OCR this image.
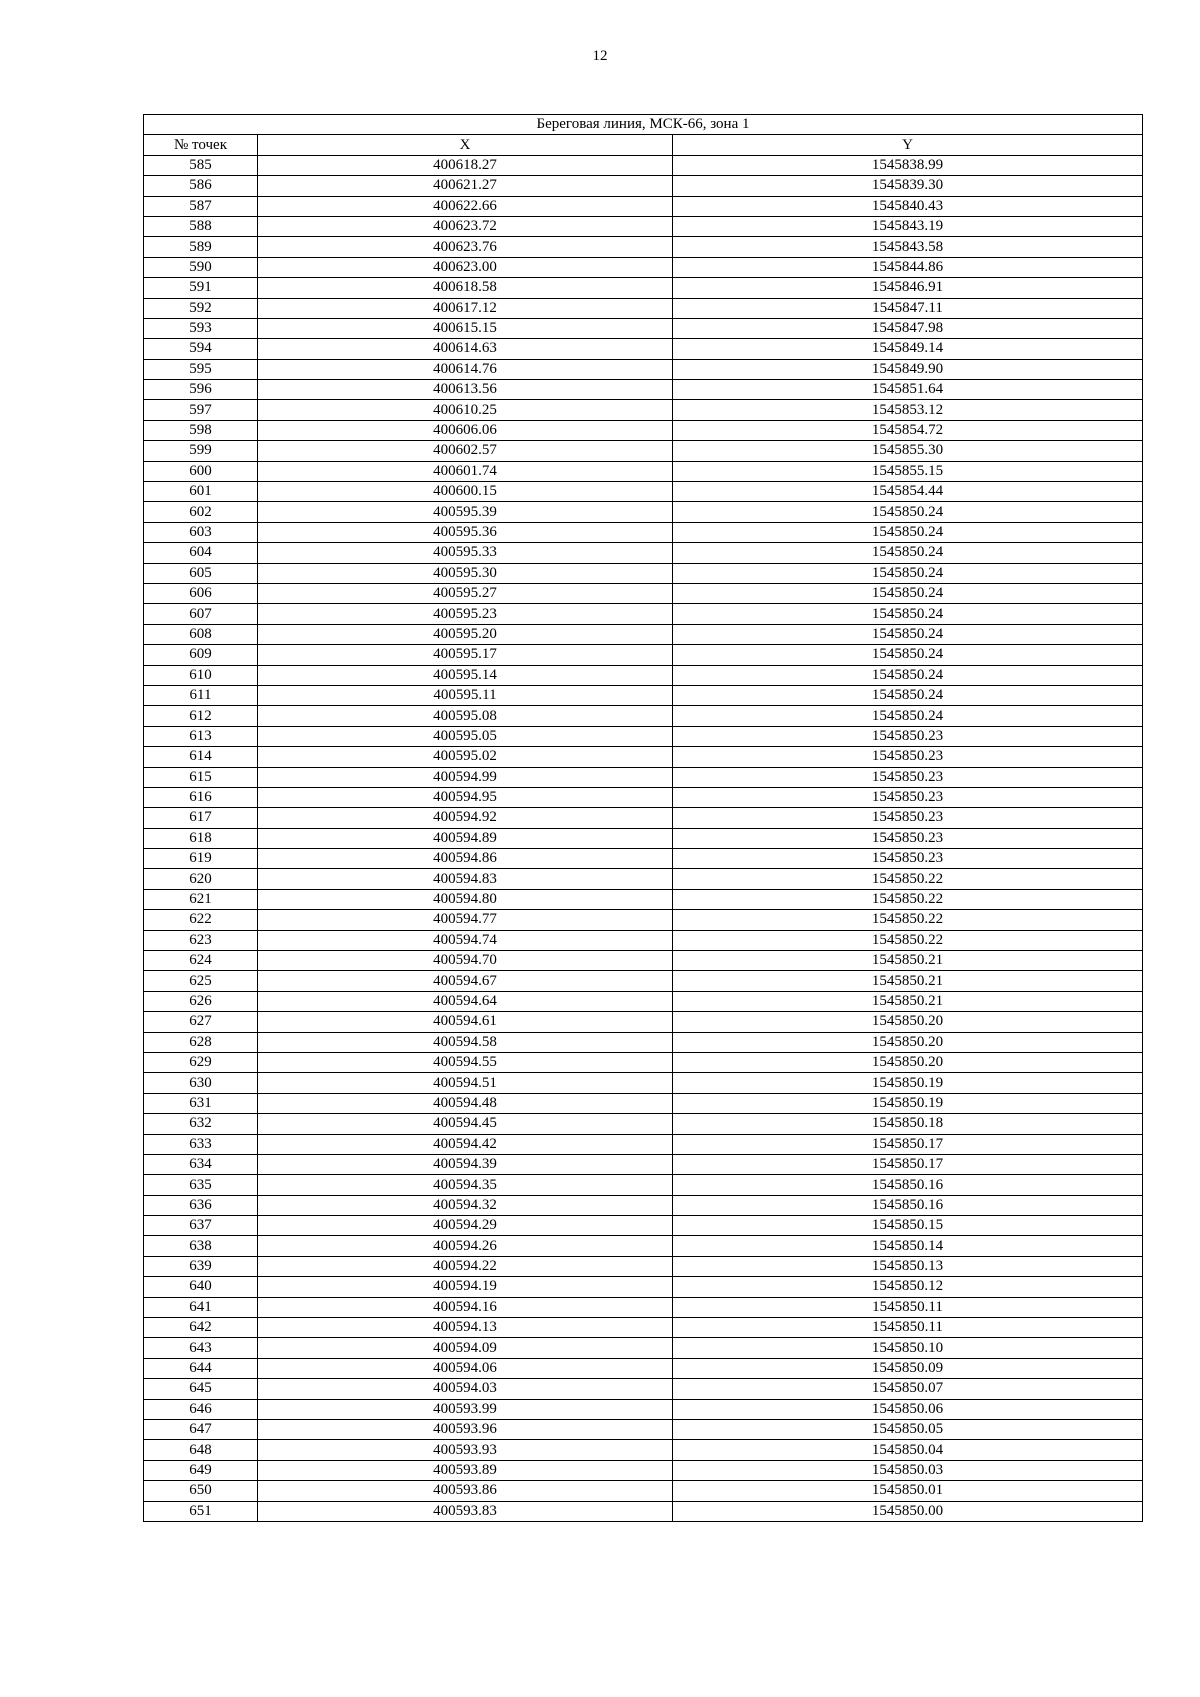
12
Береговая линия, МСК-66, зона 1		
№ точек	X	Y
585	400618.27	1545838.99
586	400621.27	1545839.30
587	400622.66	1545840.43
588	400623.72	1545843.19
589	400623.76	1545843.58
590	400623.00	1545844.86
591	400618.58	1545846.91
592	400617.12	1545847.11
593	400615.15	1545847.98
594	400614.63	1545849.14
595	400614.76	1545849.90
596	400613.56	1545851.64
597	400610.25	1545853.12
598	400606.06	1545854.72
599	400602.57	1545855.30
600	400601.74	1545855.15
601	400600.15	1545854.44
602	400595.39	1545850.24
603	400595.36	1545850.24
604	400595.33	1545850.24
605	400595.30	1545850.24
606	400595.27	1545850.24
607	400595.23	1545850.24
608	400595.20	1545850.24
609	400595.17	1545850.24
610	400595.14	1545850.24
611	400595.11	1545850.24
612	400595.08	1545850.24
613	400595.05	1545850.23
614	400595.02	1545850.23
615	400594.99	1545850.23
616	400594.95	1545850.23
617	400594.92	1545850.23
618	400594.89	1545850.23
619	400594.86	1545850.23
620	400594.83	1545850.22
621	400594.80	1545850.22
622	400594.77	1545850.22
623	400594.74	1545850.22
624	400594.70	1545850.21
625	400594.67	1545850.21
626	400594.64	1545850.21
627	400594.61	1545850.20
628	400594.58	1545850.20
629	400594.55	1545850.20
630	400594.51	1545850.19
631	400594.48	1545850.19
632	400594.45	1545850.18
633	400594.42	1545850.17
634	400594.39	1545850.17
635	400594.35	1545850.16
636	400594.32	1545850.16
637	400594.29	1545850.15
638	400594.26	1545850.14
639	400594.22	1545850.13
640	400594.19	1545850.12
641	400594.16	1545850.11
642	400594.13	1545850.11
643	400594.09	1545850.10
644	400594.06	1545850.09
645	400594.03	1545850.07
646	400593.99	1545850.06
647	400593.96	1545850.05
648	400593.93	1545850.04
649	400593.89	1545850.03
650	400593.86	1545850.01
651	400593.83	1545850.00
